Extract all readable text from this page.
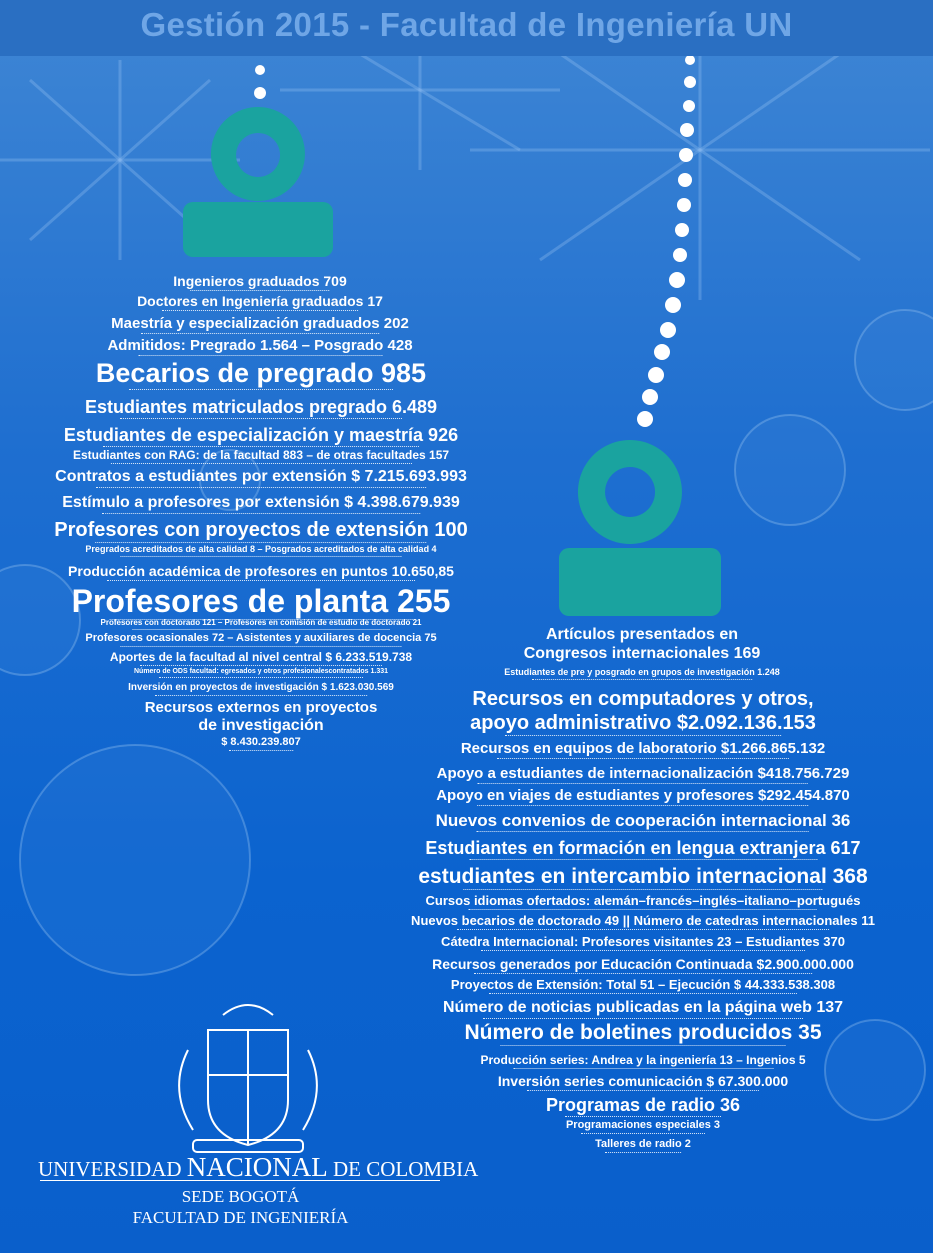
Gestión 2015 - Facultad de Ingeniería UN
Ingenieros graduados 709
Doctores en Ingeniería graduados 17
Maestría y especialización graduados 202
Admitidos: Pregrado 1.564 – Posgrado 428
Becarios de pregrado 985
Estudiantes matriculados pregrado 6.489
Estudiantes de especialización y maestría 926
Estudiantes con RAG: de la facultad 883 – de otras facultades 157
Contratos a estudiantes por extensión $ 7.215.693.993
Estímulo a profesores por extensión $ 4.398.679.939
Profesores con proyectos de extensión 100
Pregrados acreditados de alta calidad 8 – Posgrados acreditados de alta calidad 4
Producción académica de profesores en puntos 10.650,85
Profesores de planta 255
Profesores con doctorado 121 – Profesores en comisión de estudio de doctorado 21
Profesores ocasionales 72 – Asistentes y auxiliares de docencia 75
Aportes de la facultad al nivel central $ 6.233.519.738
Número de ODS facultad: egresados y otros profesionalescontratados 1.331
Inversión en proyectos de investigación $ 1.623.030.569
Recursos externos en proyectos
de investigación
$ 8.430.239.807
Artículos presentados en
Congresos internacionales 169
Estudiantes de pre y posgrado en grupos de investigación 1.248
Recursos en computadores y otros,
apoyo administrativo $2.092.136.153
Recursos en equipos de laboratorio $1.266.865.132
Apoyo a estudiantes de internacionalización $418.756.729
Apoyo en viajes de estudiantes y profesores $292.454.870
Nuevos convenios de cooperación internacional 36
Estudiantes en formación en lengua extranjera 617
estudiantes en intercambio internacional 368
Cursos idiomas ofertados: alemán–francés–inglés–italiano–portugués
Nuevos becarios de doctorado 49 || Número de catedras internacionales 11
Cátedra Internacional: Profesores visitantes 23 – Estudiantes 370
Recursos generados por Educación Continuada $2.900.000.000
Proyectos de Extensión: Total 51 – Ejecución $ 44.333.538.308
Número de noticias publicadas en la página web 137
Número de boletines producidos 35
Producción series: Andrea y la ingeniería 13 – Ingenios 5
Inversión series comunicación $ 67.300.000
Programas de radio 36
Programaciones especiales 3
Talleres de radio 2
UNIVERSIDAD NACIONAL DE COLOMBIA
SEDE BOGOTÁ
FACULTAD DE INGENIERÍA
